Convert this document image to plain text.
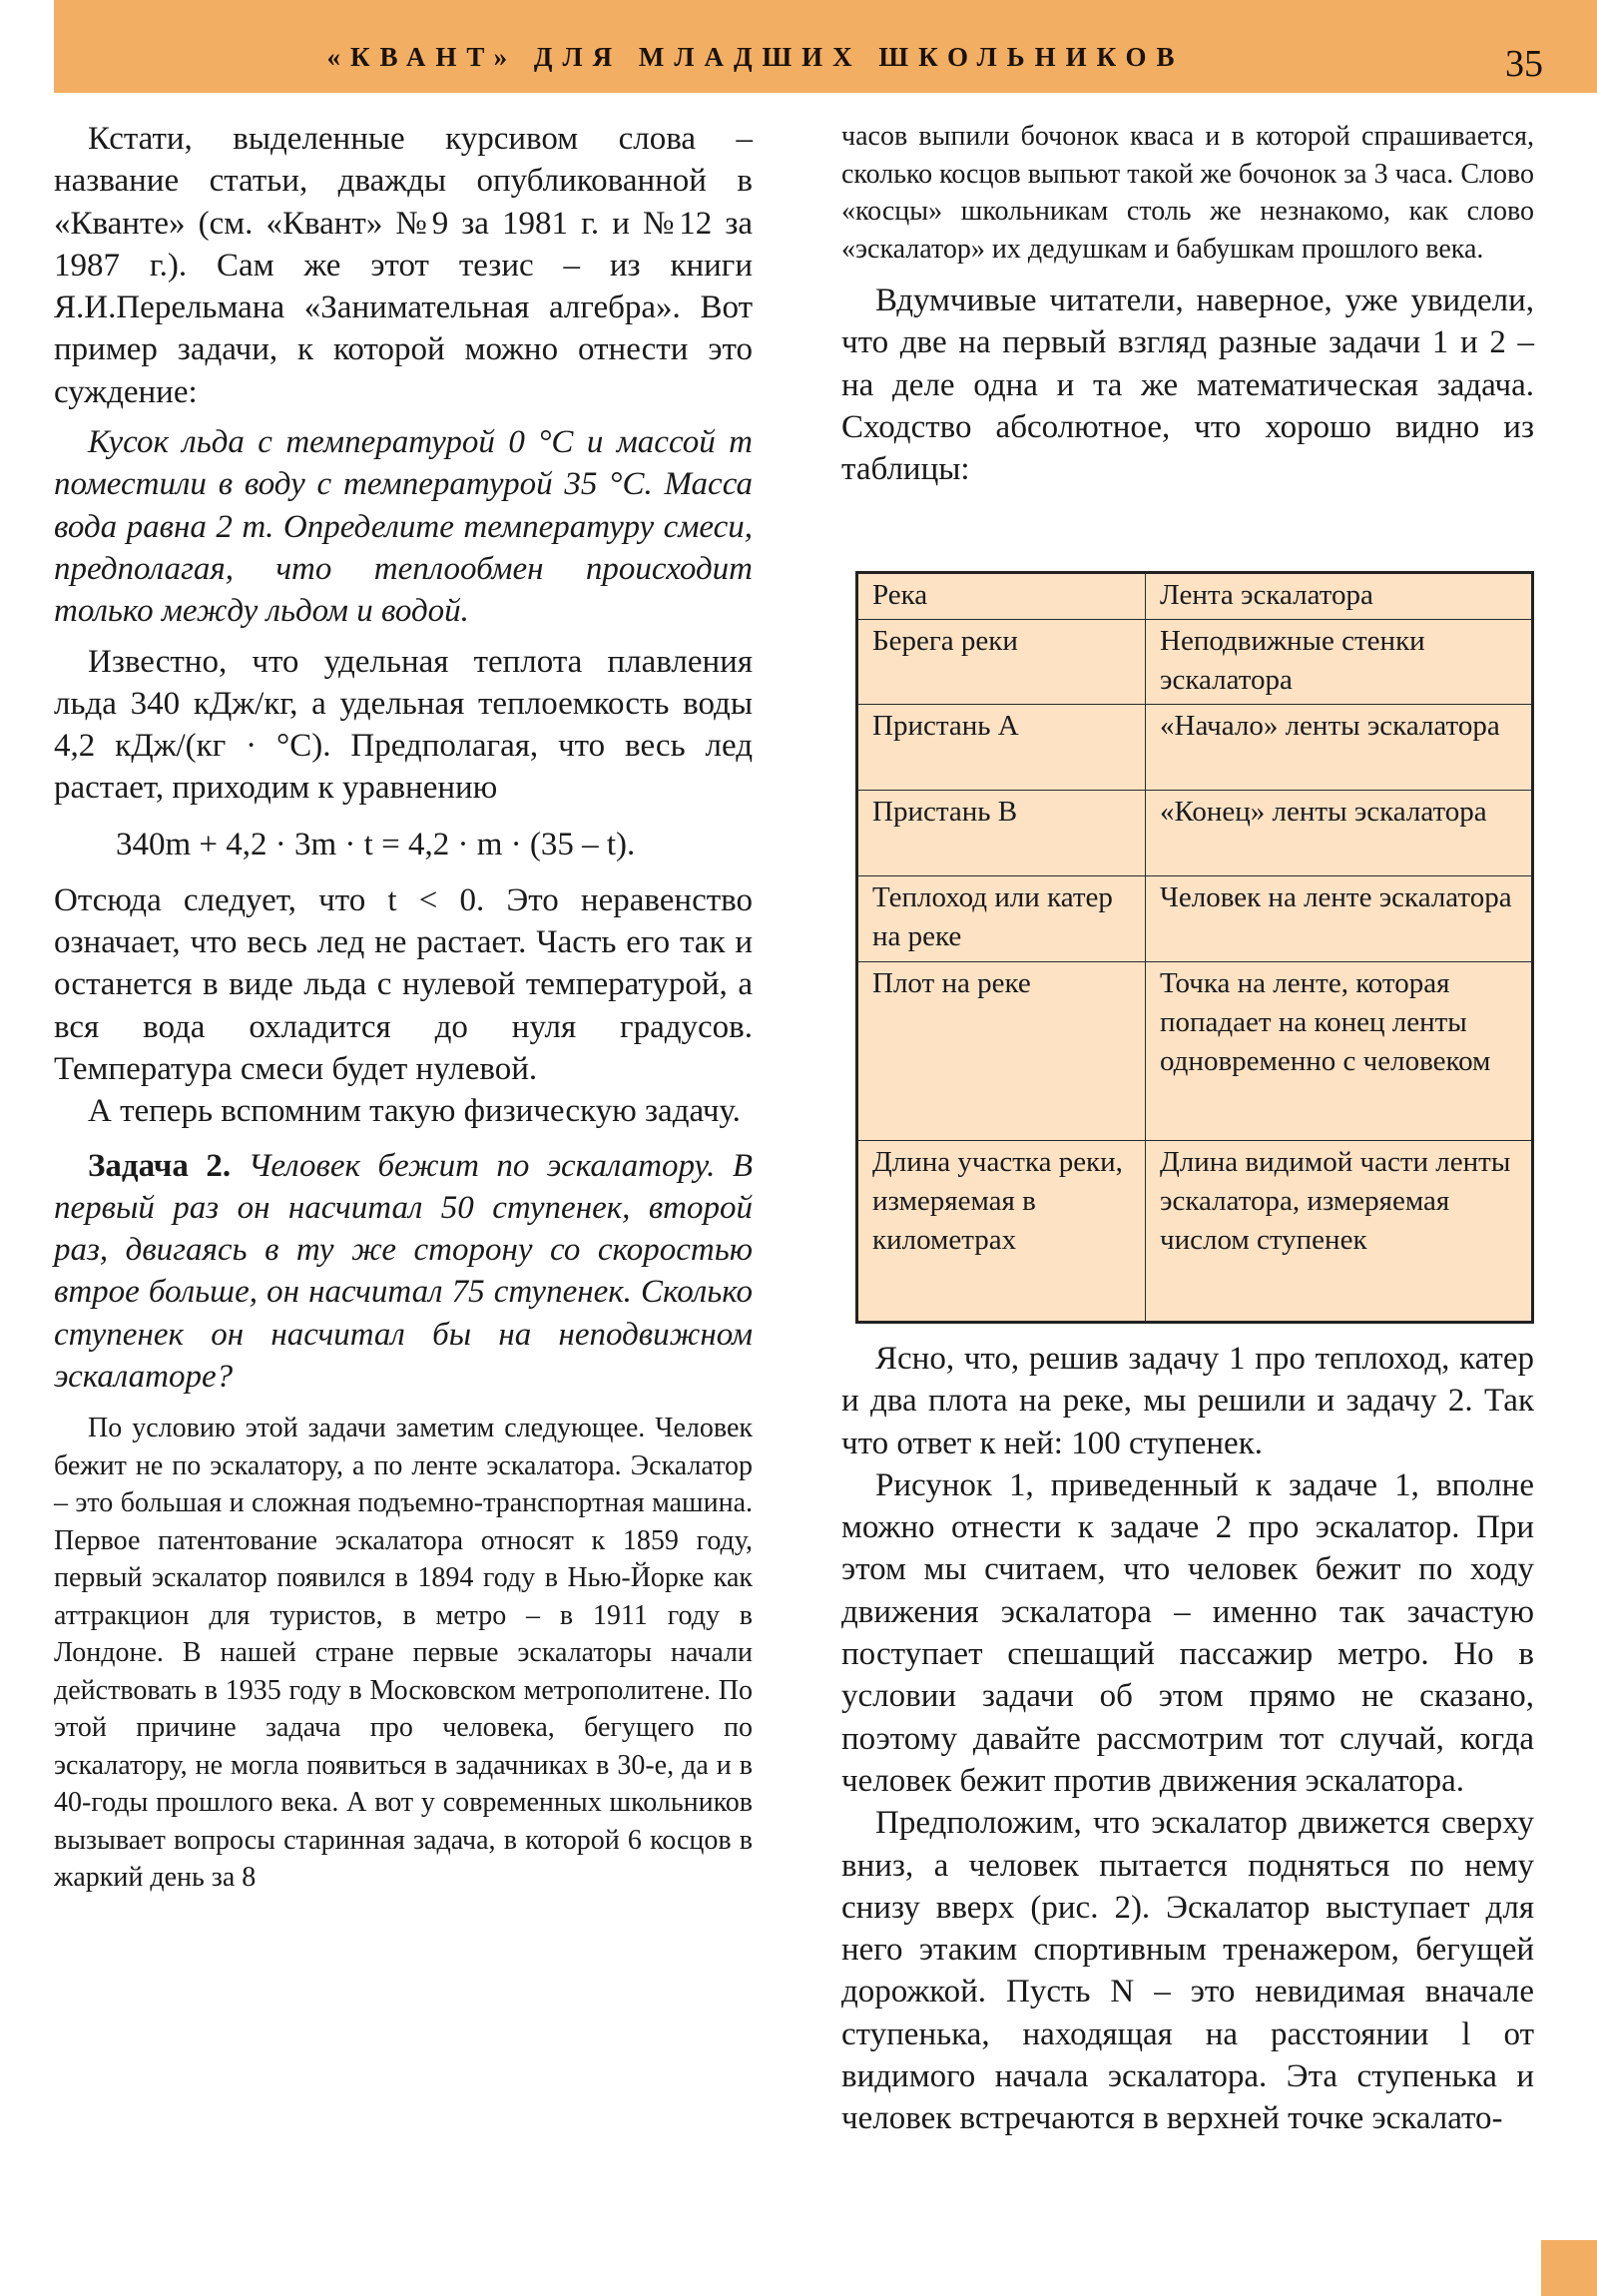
«КВАНТ» ДЛЯ МЛАДШИХ ШКОЛЬНИКОВ	35

Кстати, выделенные курсивом слова – название статьи, дважды опубликованной в «Кванте» (см. «Квант» №9 за 1981 г. и №12 за 1987 г.). Сам же этот тезис – из книги Я.И.Перельмана «Занимательная алгебра». Вот пример задачи, к которой можно отнести это суждение:

Кусок льда с температурой 0 °С и массой m поместили в воду с температурой 35 °С. Масса вода равна 2 m. Определите температуру смеси, предполагая, что теплообмен происходит только между льдом и водой.

Известно, что удельная теплота плавления льда 340 кДж/кг, а удельная теплоемкость воды 4,2 кДж/(кг · °С). Предполагая, что весь лед растает, приходим к уравнению

340m + 4,2 · 3m · t = 4,2 · m · (35 – t).

Отсюда следует, что t < 0. Это неравенство означает, что весь лед не растает. Часть его так и останется в виде льда с нулевой температурой, а вся вода охладится до нуля градусов. Температура смеси будет нулевой.

А теперь вспомним такую физическую задачу.

Задача 2. Человек бежит по эскалатору. В первый раз он насчитал 50 ступенек, второй раз, двигаясь в ту же сторону со скоростью втрое больше, он насчитал 75 ступенек. Сколько ступенек он насчитал бы на неподвижном эскалаторе?

По условию этой задачи заметим следующее. Человек бежит не по эскалатору, а по ленте эскалатора. Эскалатор – это большая и сложная подъемно-транспортная машина. Первое патентование эскалатора относят к 1859 году, первый эскалатор появился в 1894 году в Нью-Йорке как аттракцион для туристов, в метро – в 1911 году в Лондоне. В нашей стране первые эскалаторы начали действовать в 1935 году в Московском метрополитене. По этой причине задача про человека, бегущего по эскалатору, не могла появиться в задачниках в 30-е, да и в 40-годы прошлого века. А вот у современных школьников вызывает вопросы старинная задача, в которой 6 косцов в жаркий день за 8

часов выпили бочонок кваса и в которой спрашивается, сколько косцов выпьют такой же бочонок за 3 часа. Слово «косцы» школьникам столь же незнакомо, как слово «эскалатор» их дедушкам и бабушкам прошлого века.

Вдумчивые читатели, наверное, уже увидели, что две на первый взгляд разные задачи 1 и 2 – на деле одна и та же математическая задача. Сходство абсолютное, что хорошо видно из таблицы:

Река	Лента эскалатора
Берега реки	Неподвижные стенки эскалатора
Пристань A	«Начало» ленты эскалатора
Пристань B	«Конец» ленты эскалатора
Теплоход или катер на реке	Человек на ленте эскалатора
Плот на реке	Точка на ленте, которая попадает на конец ленты одновременно с человеком
Длина участка реки, измеряемая в километрах	Длина видимой части ленты эскалатора, измеряемая числом ступенек

Ясно, что, решив задачу 1 про теплоход, катер и два плота на реке, мы решили и задачу 2. Так что ответ к ней: 100 ступенек.

Рисунок 1, приведенный к задаче 1, вполне можно отнести к задаче 2 про эскалатор. При этом мы считаем, что человек бежит по ходу движения эскалатора – именно так зачастую поступает спешащий пассажир метро. Но в условии задачи об этом прямо не сказано, поэтому давайте рассмотрим тот случай, когда человек бежит против движения эскалатора.

Предположим, что эскалатор движется сверху вниз, а человек пытается подняться по нему снизу вверх (рис. 2). Эскалатор выступает для него этаким спортивным тренажером, бегущей дорожкой. Пусть N – это невидимая вначале ступенька, находящая на расстоянии l от видимого начала эскалатора. Эта ступенька и человек встречаются в верхней точке эскалато-
